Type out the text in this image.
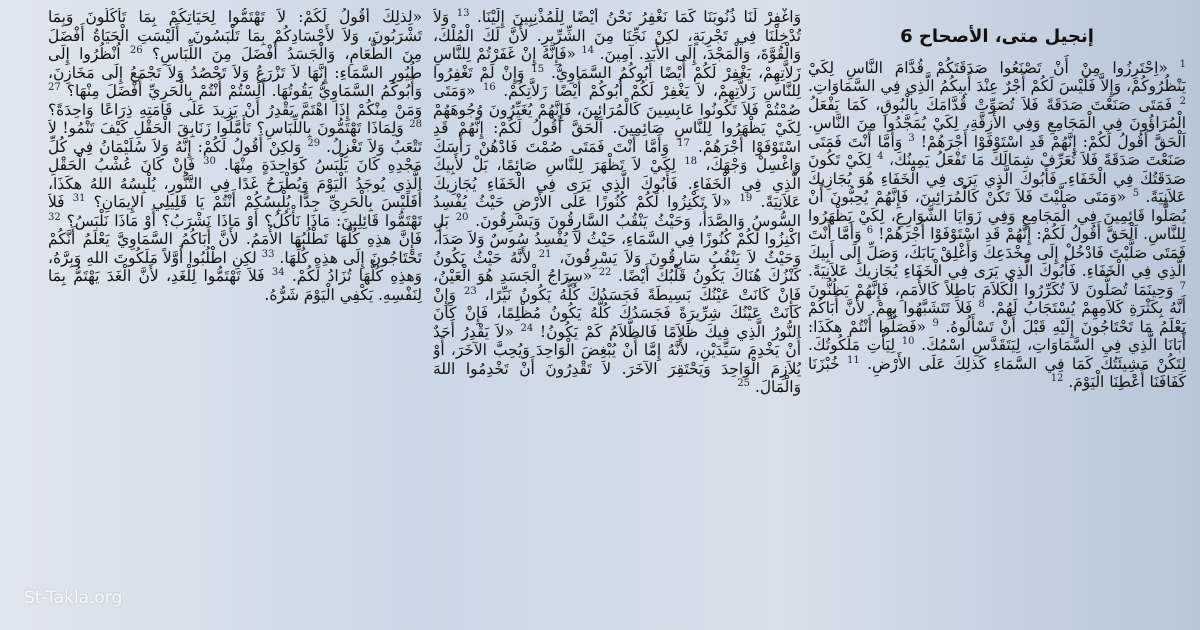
إنجيل متى، الأصحاح 6
$^1$ «اِحْتَرِزُوا مِنْ أَنْ تَصْنَعُوا صَدَقَتَكُمْ قُدَّامَ النَّاسِ لِكَيْ يَنْظُرُوكُمْ، وَإِلاَّ فَلَيْسَ لَكُمْ أَجْرٌ عِنْدَ أَبِيكُمُ الَّذِي فِي السَّمَاوَاتِ. $^2$ فَمَتَى صَنَعْتَ صَدَقَةً فَلاَ تُصَوِّتْ قُدَّامَكَ بِالْبُوقِ، كَمَا يَفْعَلُ الْمُرَاؤُونَ فِي الْمَجَامِعِ وَفِي الأَزِقَّةِ، لِكَيْ يُمَجَّدُوا مِنَ النَّاسِ. اَلْحَقَّ أَقُولُ لَكُمْ: إِنَّهُمْ قَدِ اسْتَوْفَوْا أَجْرَهُمْ! $^3$ وَأَمَّا أَنْتَ فَمَتَى صَنَعْتَ صَدَقَةً فَلاَ تُعَرِّفْ شِمَالَكَ مَا تَفْعَلُ يَمِينُكَ، $^4$ لِكَيْ تَكُونَ صَدَقَتُكَ فِي الْخَفَاءِ. فَأَبُوكَ الَّذِي يَرَى فِي الْخَفَاءِ هُوَ يُجَازِيكَ عَلاَنِيَةً. $^5$ «وَمَتَى صَلَّيْتَ فَلاَ تَكُنْ كَالْمُرَائِينَ، فَإِنَّهُمْ يُحِبُّونَ أَنْ يُصَلُّوا قَائِمِينَ فِي الْمَجَامِعِ وَفِي زَوَايَا الشَّوَارِعِ، لِكَيْ يَظْهَرُوا لِلنَّاسِ. اَلْحَقَّ أَقُولُ لَكُمْ: إِنَّهُمْ قَدِ اسْتَوْفَوْا أَجْرَهُمْ! $^6$ وَأَمَّا أَنْتَ فَمَتَى صَلَّيْتَ فَادْخُلْ إِلَى مِخْدَعِكَ وَأَغْلِقْ بَابَكَ، وَصَلِّ إِلَى أَبِيكَ الَّذِي فِي الْخَفَاءِ. فَأَبُوكَ الَّذِي يَرَى فِي الْخَفَاءِ يُجَازِيكَ عَلاَنِيَةً. $^7$ وَحِينَمَا تُصَلُّونَ لاَ تُكَرِّرُوا الْكَلاَمَ بَاطِلاً كَالأُمَمِ، فَإِنَّهُمْ يَظُنُّونَ أَنَّهُ بِكَثْرَةِ كَلاَمِهِمْ يُسْتَجَابُ لَهُمْ. $^8$ فَلاَ تَتَشَبَّهُوا بِهِمْ. لأَنَّ أَبَاكُمْ يَعْلَمُ مَا تَحْتَاجُونَ إِلَيْهِ قَبْلَ أَنْ تَسْأَلُوهُ. $^9$ «فَصَلُّوا أَنْتُمْ هكَذَا: أَبَانَا الَّذِي فِي السَّمَاوَاتِ، لِيَتَقَدَّسِ اسْمُكَ. $^{10}$ لِيَأْتِ مَلَكُوتُكَ. لِتَكُنْ مَشِيئَتُكَ كَمَا فِي السَّمَاءِ كَذلِكَ عَلَى الأَرْضِ. $^{11}$ خُبْزَنَا كَفَافَنَا أَعْطِنَا الْيَوْمَ. $^{12}$
وَاغْفِرْ لَنَا ذُنُوبَنَا كَمَا نَغْفِرُ نَحْنُ أَيْضًا لِلْمُذْنِبِينَ إِلَيْنَا. $^{13}$ وَلاَ تُدْخِلْنَا فِي تَجْرِبَةٍ، لكِنْ نَجِّنَا مِنَ الشِّرِّيرِ. لأَنَّ لَكَ الْمُلْكَ، وَالْقُوَّةَ، وَالْمَجْدَ، إِلَى الأَبَدِ. آمِينَ. $^{14}$ «فَإِنَّهُ إِنْ غَفَرْتُمْ لِلنَّاسِ زَلاَّتِهِمْ، يَغْفِرْ لَكُمْ أَيْضًا أَبُوكُمُ السَّمَاوِيُّ. $^{15}$ وَإِنْ لَمْ تَغْفِرُوا لِلنَّاسِ زَلاَّتِهِمْ، لاَ يَغْفِرْ لَكُمْ أَبُوكُمْ أَيْضًا زَلاَّتِكُمْ. $^{16}$ «وَمَتَى صُمْتُمْ فَلاَ تَكُونُوا عَابِسِينَ كَالْمُرَائِينَ، فَإِنَّهُمْ يُغَيِّرُونَ وُجُوهَهُمْ لِكَيْ يَظْهَرُوا لِلنَّاسِ صَائِمِينَ. اَلْحَقَّ أَقُولُ لَكُمْ: إِنَّهُمْ قَدِ اسْتَوْفَوْا أَجْرَهُمْ. $^{17}$ وَأَمَّا أَنْتَ فَمَتَى صُمْتَ فَادْهُنْ رَأْسَكَ وَاغْسِلْ وَجْهَكَ، $^{18}$ لِكَيْ لاَ تَظْهَرَ لِلنَّاسِ صَائِمًا، بَلْ لأَبِيكَ الَّذِي فِي الْخَفَاءِ. فَأَبُوكَ الَّذِي يَرَى فِي الْخَفَاءِ يُجَازِيكَ عَلاَنِيَةً. $^{19}$ «لاَ تَكْنِزُوا لَكُمْ كُنُوزًا عَلَى الأَرْضِ حَيْثُ يُفْسِدُ السُّوسُ وَالصَّدَأُ، وَحَيْثُ يَنْقُبُ السَّارِقُونَ وَيَسْرِقُونَ. $^{20}$ بَلِ اكْنِزُوا لَكُمْ كُنُوزًا فِي السَّمَاءِ، حَيْثُ لاَ يُفْسِدُ سُوسٌ وَلاَ صَدَأٌ، وَحَيْثُ لاَ يَنْقُبُ سَارِقُونَ وَلاَ يَسْرِقُونَ، $^{21}$ لأَنَّهُ حَيْثُ يَكُونُ كَنْزُكَ هُنَاكَ يَكُونُ قَلْبُكَ أَيْضًا. $^{22}$ «سِرَاجُ الْجَسَدِ هُوَ الْعَيْنُ، فَإِنْ كَانَتْ عَيْنُكَ بَسِيطَةً فَجَسَدُكَ كُلُّهُ يَكُونُ نَيِّرًا، $^{23}$ وَإِنْ كَانَتْ عَيْنُكَ شِرِّيرَةً فَجَسَدُكَ كُلُّهُ يَكُونُ مُظْلِمًا، فَإِنْ كَانَ النُّورُ الَّذِي فِيكَ ظَلاَمًا فَالظَّلاَمُ كَمْ يَكُونُ! $^{24}$ «لاَ يَقْدِرُ أَحَدٌ أَنْ يَخْدِمَ سَيِّدَيْنِ، لأَنَّهُ إِمَّا أَنْ يُبْغِضَ الْوَاحِدَ وَيُحِبَّ الآخَرَ، أَوْ يُلاَزِمَ الْوَاحِدَ وَيَحْتَقِرَ الآخَرَ. لاَ تَقْدِرُونَ أَنْ تَخْدِمُوا اللهَ وَالْمَالَ. $^{25}$
«لِذلِكَ أَقُولُ لَكُمْ: لاَ تَهْتَمُّوا لِحَيَاتِكُمْ بِمَا تَأْكُلُونَ وَبِمَا تَشْرَبُونَ، وَلاَ لأَجْسَادِكُمْ بِمَا تَلْبَسُونَ. أَلَيْسَتِ الْحَيَاةُ أَفْضَلَ مِنَ الطَّعَامِ، وَالْجَسَدُ أَفْضَلَ مِنَ اللِّبَاسِ؟ $^{26}$ اُنْظُرُوا إِلَى طُيُورِ السَّمَاءِ: إِنَّهَا لاَ تَزْرَعُ وَلاَ تَحْصُدُ وَلاَ تَجْمَعُ إِلَى مَخَازِنَ، وَأَبُوكُمُ السَّمَاوِيُّ يَقُوتُهَا. أَلَسْتُمْ أَنْتُمْ بِالْحَرِيِّ أَفْضَلَ مِنْهَا؟ $^{27}$ وَمَنْ مِنْكُمْ إِذَا اهْتَمَّ يَقْدِرُ أَنْ يَزِيدَ عَلَى قَامَتِهِ ذِرَاعًا وَاحِدَةً؟ $^{28}$ وَلِمَاذَا تَهْتَمُّونَ بِاللِّبَاسِ؟ تَأَمَّلُوا زَنَابِقَ الْحَقْلِ كَيْفَ تَنْمُو! لاَ تَتْعَبُ وَلاَ تَغْزِلُ. $^{29}$ وَلكِنْ أَقُولُ لَكُمْ: إِنَّهُ وَلاَ سُلَيْمَانُ فِي كُلِّ مَجْدِهِ كَانَ يَلْبَسُ كَوَاحِدَةٍ مِنْهَا. $^{30}$ فَإِنْ كَانَ عُشْبُ الْحَقْلِ الَّذِي يُوجَدُ الْيَوْمَ وَيُطْرَحُ غَدًا فِي التَّنُّورِ، يُلْبِسُهُ اللهُ هكَذَا، أَفَلَيْسَ بِالْحَرِيِّ جِدًّا يُلْبِسُكُمْ أَنْتُمْ يَا قَلِيلِي الإِيمَانِ؟ $^{31}$ فَلاَ تَهْتَمُّوا قَائِلِينَ: مَاذَا نَأْكُلُ؟ أَوْ مَاذَا نَشْرَبُ؟ أَوْ مَاذَا نَلْبَسُ؟ $^{32}$ فَإِنَّ هذِهِ كُلَّهَا تَطْلُبُهَا الأُمَمُ. لأَنَّ أَبَاكُمُ السَّمَاوِيَّ يَعْلَمُ أَنَّكُمْ تَحْتَاجُونَ إِلَى هذِهِ كُلِّهَا. $^{33}$ لكِنِ اطْلُبُوا أَوَّلاً مَلَكُوتَ اللهِ وَبِرَّهُ، وَهذِهِ كُلُّهَا تُزَادُ لَكُمْ. $^{34}$ فَلاَ تَهْتَمُّوا لِلْغَدِ، لأَنَّ الْغَدَ يَهْتَمُّ بِمَا لِنَفْسِهِ. يَكْفِي الْيَوْمَ شَرُّهُ.
St-Takla.org
